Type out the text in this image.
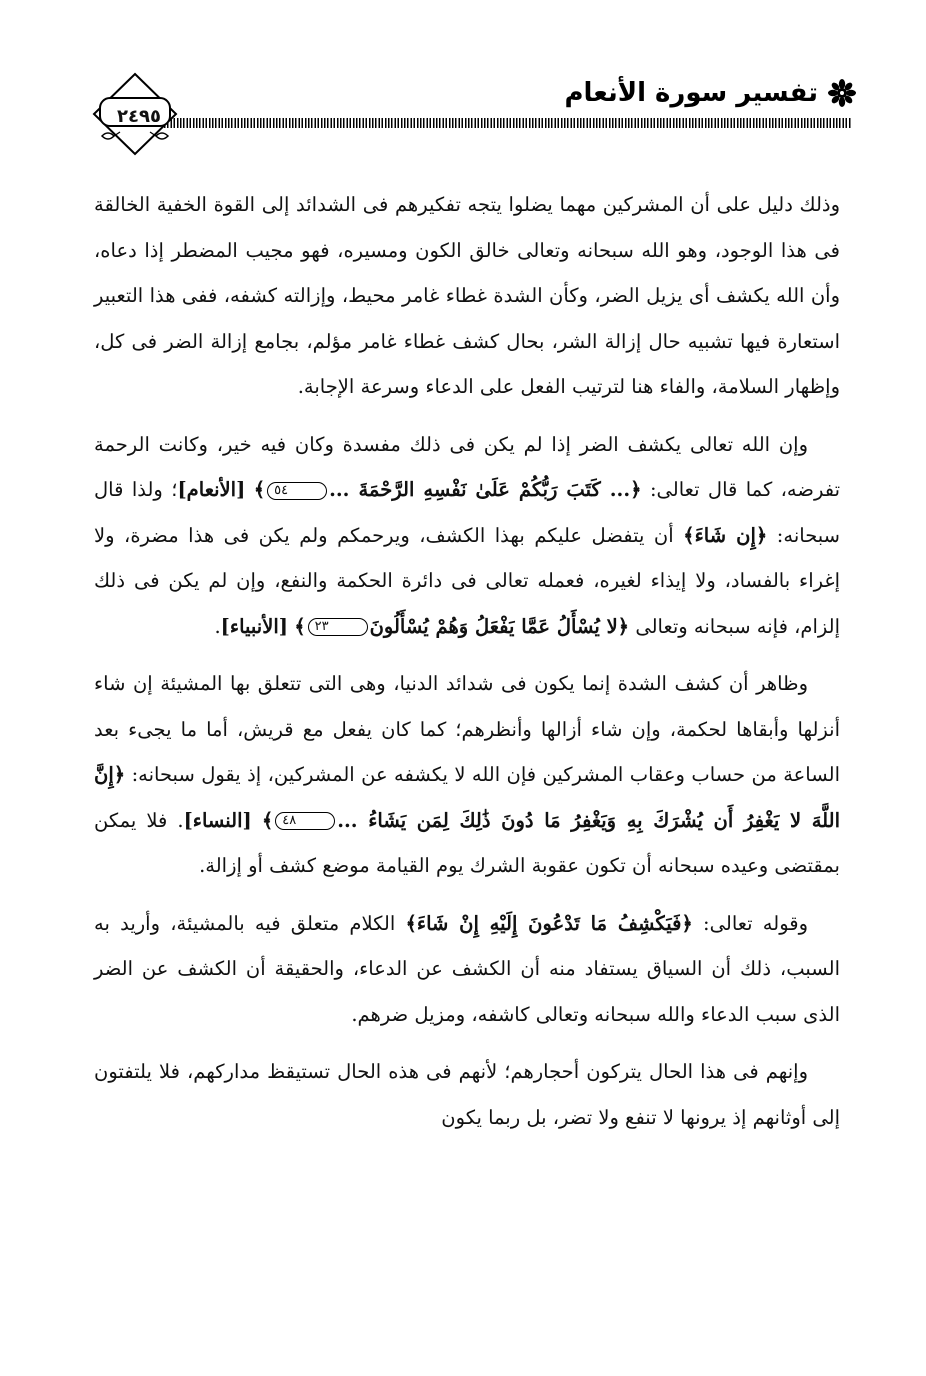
تفسير سورة الأنعام
٢٤٩٥

وذلك دليل على أن المشركين مهما يضلوا يتجه تفكيرهم فى الشدائد إلى القوة الخفية الخالقة فى هذا الوجود، وهو الله سبحانه وتعالى خالق الكون ومسيره، فهو مجيب المضطر إذا دعاه، وأن الله يكشف أى يزيل الضر، وكأن الشدة غطاء غامر محيط، وإزالته كشفه، ففى هذا التعبير استعارة فيها تشبيه حال إزالة الشر، بحال كشف غطاء غامر مؤلم، بجامع إزالة الضر فى كل، وإظهار السلامة، والفاء هنا لترتيب الفعل على الدعاء وسرعة الإجابة.

وإن الله تعالى يكشف الضر إذا لم يكن فى ذلك مفسدة وكان فيه خير، وكانت الرحمة تفرضه، كما قال تعالى: ﴿... كَتَبَ رَبُّكُمْ عَلَىٰ نَفْسِهِ الرَّحْمَةَ ...٥٤﴾ [الأنعام]؛ ولذا قال سبحانه: ﴿إِن شَاءَ﴾ أن يتفضل عليكم بهذا الكشف، ويرحمكم ولم يكن فى هذا مضرة، ولا إغراء بالفساد، ولا إيذاء لغيره، فعمله تعالى فى دائرة الحكمة والنفع، وإن لم يكن فى ذلك إلزام، فإنه سبحانه وتعالى ﴿لا يُسْأَلُ عَمَّا يَفْعَلُ وَهُمْ يُسْأَلُونَ٢٣﴾ [الأنبياء].

وظاهر أن كشف الشدة إنما يكون فى شدائد الدنيا، وهى التى تتعلق بها المشيئة إن شاء أنزلها وأبقاها لحكمة، وإن شاء أزالها وأنظرهم؛ كما كان يفعل مع قريش، أما ما يجىء بعد الساعة من حساب وعقاب المشركين فإن الله لا يكشفه عن المشركين، إذ يقول سبحانه: ﴿إِنَّ اللَّهَ لا يَغْفِرُ أَن يُشْرَكَ بِهِ وَيَغْفِرُ مَا دُونَ ذَٰلِكَ لِمَن يَشَاءُ ...٤٨﴾ [النساء]. فلا يمكن بمقتضى وعيده سبحانه أن تكون عقوبة الشرك يوم القيامة موضع كشف أو إزالة.

وقوله تعالى: ﴿فَيَكْشِفُ مَا تَدْعُونَ إِلَيْهِ إِنْ شَاءَ﴾ الكلام متعلق فيه بالمشيئة، وأريد به السبب، ذلك أن السياق يستفاد منه أن الكشف عن الدعاء، والحقيقة أن الكشف عن الضر الذى سبب الدعاء والله سبحانه وتعالى كاشفه، ومزيل ضرهم.

وإنهم فى هذا الحال يتركون أحجارهم؛ لأنهم فى هذه الحال تستيقظ مداركهم، فلا يلتفتون إلى أوثانهم إذ يرونها لا تنفع ولا تضر، بل ربما يكون
